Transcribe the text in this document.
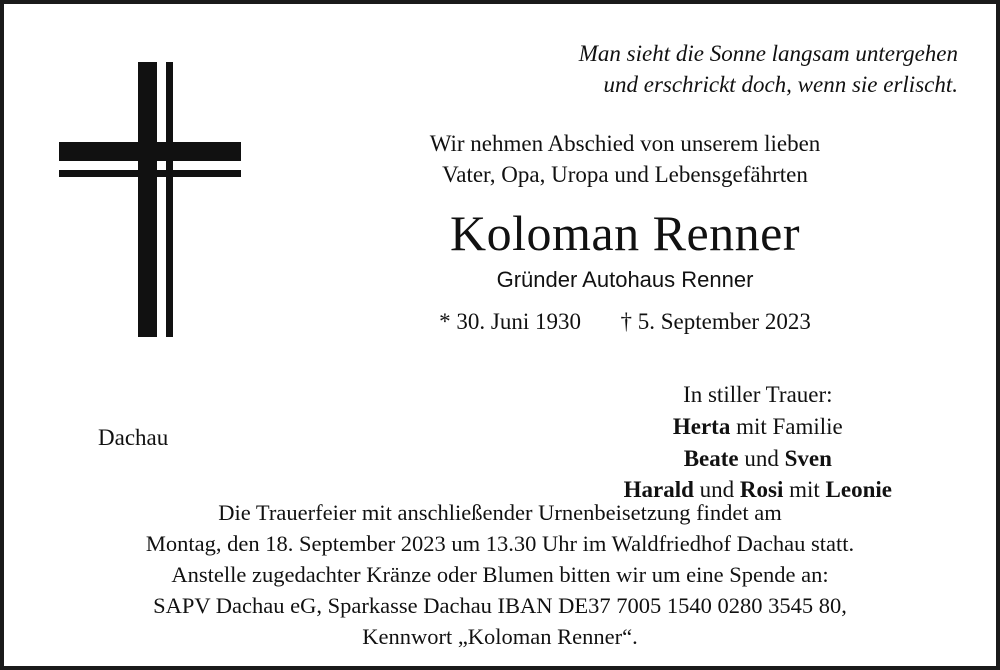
Man sieht die Sonne langsam untergehen
und erschrickt doch, wenn sie erlischt.
Wir nehmen Abschied von unserem lieben
Vater, Opa, Uropa und Lebensgefährten
Koloman Renner
Gründer Autohaus Renner
* 30. Juni 1930 † 5. September 2023
Dachau
In stiller Trauer:
Herta mit Familie
Beate und Sven
Harald und Rosi mit Leonie
Die Trauerfeier mit anschließender Urnenbeisetzung findet am
Montag, den 18. September 2023 um 13.30 Uhr im Waldfriedhof Dachau statt.
Anstelle zugedachter Kränze oder Blumen bitten wir um eine Spende an:
SAPV Dachau eG, Sparkasse Dachau IBAN DE37 7005 1540 0280 3545 80,
Kennwort „Koloman Renner“.
